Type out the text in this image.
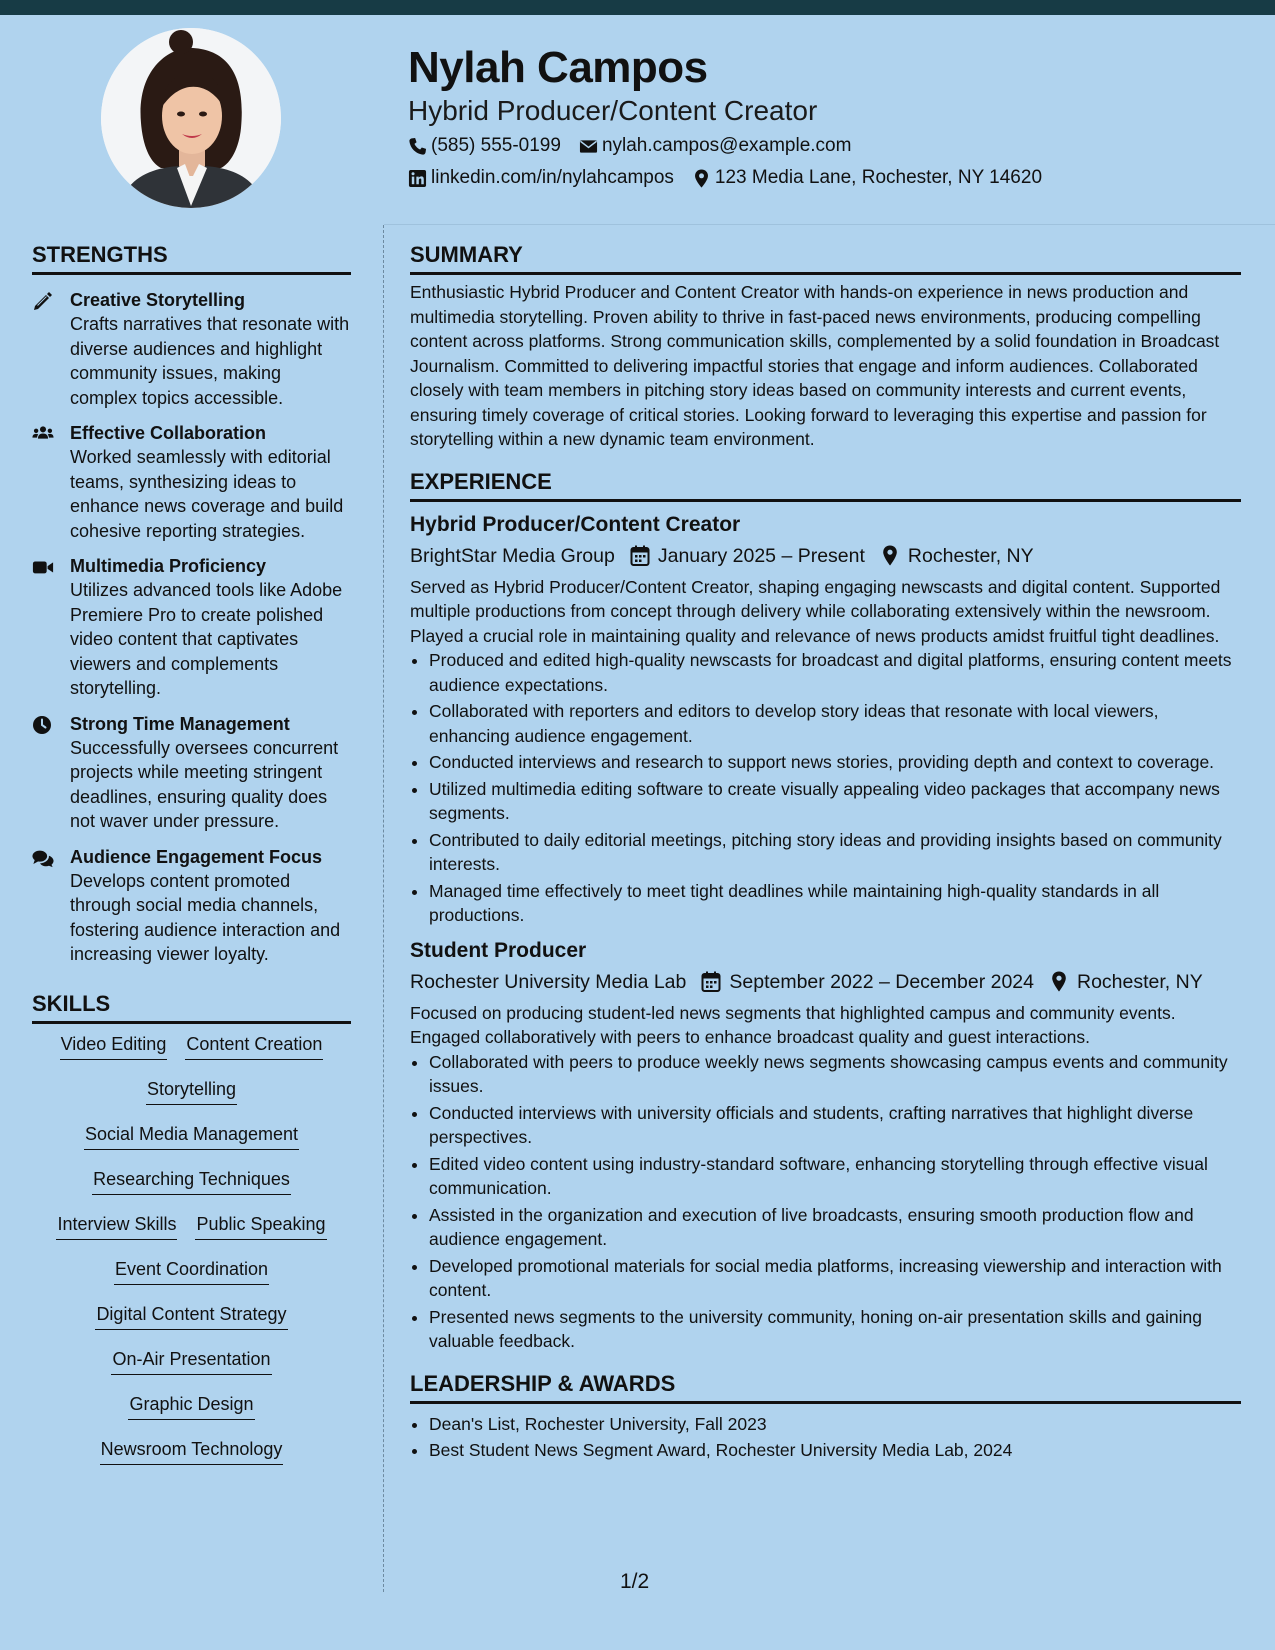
Nylah Campos
Hybrid Producer/Content Creator
(585) 555-0199 nylah.campos@example.com
linkedin.com/in/nylahcampos 123 Media Lane, Rochester, NY 14620
STRENGTHS
Creative Storytelling
Crafts narratives that resonate with diverse audiences and highlight community issues, making complex topics accessible.
Effective Collaboration
Worked seamlessly with editorial teams, synthesizing ideas to enhance news coverage and build cohesive reporting strategies.
Multimedia Proficiency
Utilizes advanced tools like Adobe Premiere Pro to create polished video content that captivates viewers and complements storytelling.
Strong Time Management
Successfully oversees concurrent projects while meeting stringent deadlines, ensuring quality does not waver under pressure.
Audience Engagement Focus
Develops content promoted through social media channels, fostering audience interaction and increasing viewer loyalty.
SKILLS
Video Editing Content Creation
Storytelling
Social Media Management
Researching Techniques
Interview Skills Public Speaking
Event Coordination
Digital Content Strategy
On-Air Presentation
Graphic Design
Newsroom Technology
SUMMARY

Enthusiastic Hybrid Producer and Content Creator with hands-on experience in news production and multimedia storytelling. Proven ability to thrive in fast-paced news environments, producing compelling content across platforms. Strong communication skills, complemented by a solid foundation in Broadcast Journalism. Committed to delivering impactful stories that engage and inform audiences. Collaborated closely with team members in pitching story ideas based on community interests and current events, ensuring timely coverage of critical stories. Looking forward to leveraging this expertise and passion for storytelling within a new dynamic team environment.

EXPERIENCE
Hybrid Producer/Content Creator
BrightStar Media Group January 2025 – Present Rochester, NY

Served as Hybrid Producer/Content Creator, shaping engaging newscasts and digital content. Supported multiple productions from concept through delivery while collaborating extensively within the newsroom. Played a crucial role in maintaining quality and relevance of news products amidst fruitful tight deadlines.

• Produced and edited high-quality newscasts for broadcast and digital platforms, ensuring content meets audience expectations.
• Collaborated with reporters and editors to develop story ideas that resonate with local viewers, enhancing audience engagement.
• Conducted interviews and research to support news stories, providing depth and context to coverage.
• Utilized multimedia editing software to create visually appealing video packages that accompany news segments.
• Contributed to daily editorial meetings, pitching story ideas and providing insights based on community interests.
• Managed time effectively to meet tight deadlines while maintaining high-quality standards in all productions.
Student Producer
Rochester University Media Lab September 2022 – December 2024 Rochester, NY

Focused on producing student-led news segments that highlighted campus and community events. Engaged collaboratively with peers to enhance broadcast quality and guest interactions.

• Collaborated with peers to produce weekly news segments showcasing campus events and community issues.
• Conducted interviews with university officials and students, crafting narratives that highlight diverse perspectives.
• Edited video content using industry-standard software, enhancing storytelling through effective visual communication.
• Assisted in the organization and execution of live broadcasts, ensuring smooth production flow and audience engagement.
• Developed promotional materials for social media platforms, increasing viewership and interaction with content.
• Presented news segments to the university community, honing on-air presentation skills and gaining valuable feedback.
LEADERSHIP & AWARDS
• Dean's List, Rochester University, Fall 2023
• Best Student News Segment Award, Rochester University Media Lab, 2024
1/2
